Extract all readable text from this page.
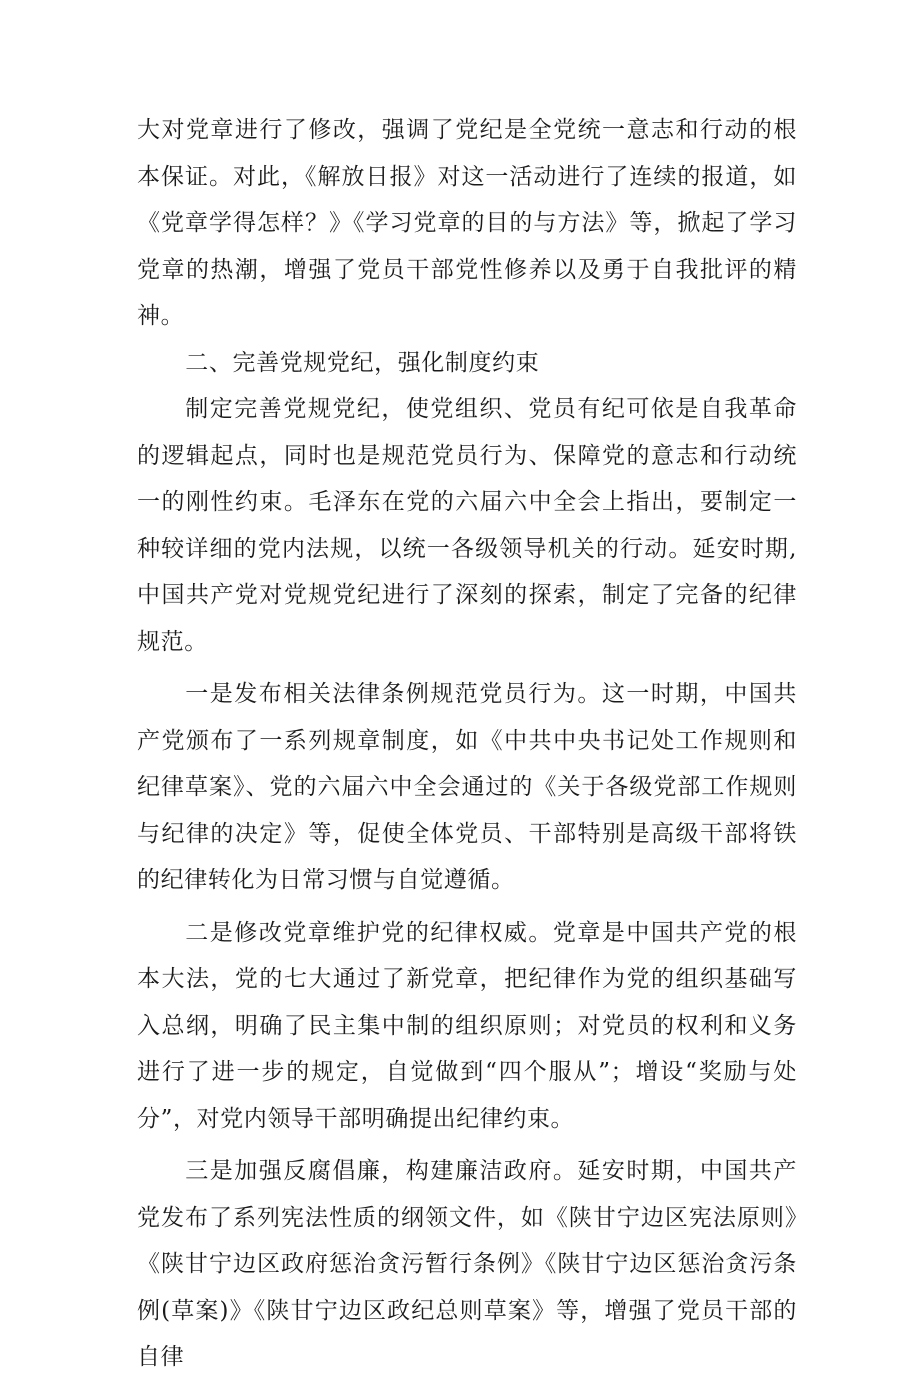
大对党章进行了修改，强调了党纪是全党统一意志和行动的根本保证。对此，《解放日报》对这一活动进行了连续的报道，如《党章学得怎样？》《学习党章的目的与方法》等，掀起了学习党章的热潮，增强了党员干部党性修养以及勇于自我批评的精神。

二、完善党规党纪，强化制度约束

制定完善党规党纪，使党组织、党员有纪可依是自我革命的逻辑起点，同时也是规范党员行为、保障党的意志和行动统一的刚性约束。毛泽东在党的六届六中全会上指出，要制定一种较详细的党内法规，以统一各级领导机关的行动。延安时期,中国共产党对党规党纪进行了深刻的探索，制定了完备的纪律规范。

一是发布相关法律条例规范党员行为。这一时期，中国共产党颁布了一系列规章制度，如《中共中央书记处工作规则和纪律草案》、党的六届六中全会通过的《关于各级党部工作规则与纪律的决定》等，促使全体党员、干部特别是高级干部将铁的纪律转化为日常习惯与自觉遵循。

二是修改党章维护党的纪律权威。党章是中国共产党的根本大法，党的七大通过了新党章，把纪律作为党的组织基础写入总纲，明确了民主集中制的组织原则；对党员的权利和义务进行了进一步的规定，自觉做到“四个服从”；增设“奖励与处分”，对党内领导干部明确提出纪律约束。

三是加强反腐倡廉，构建廉洁政府。延安时期，中国共产党发布了系列宪法性质的纲领文件，如《陕甘宁边区宪法原则》《陕甘宁边区政府惩治贪污暂行条例》《陕甘宁边区惩治贪污条例(草案)》《陕甘宁边区政纪总则草案》等，增强了党员干部的自律
